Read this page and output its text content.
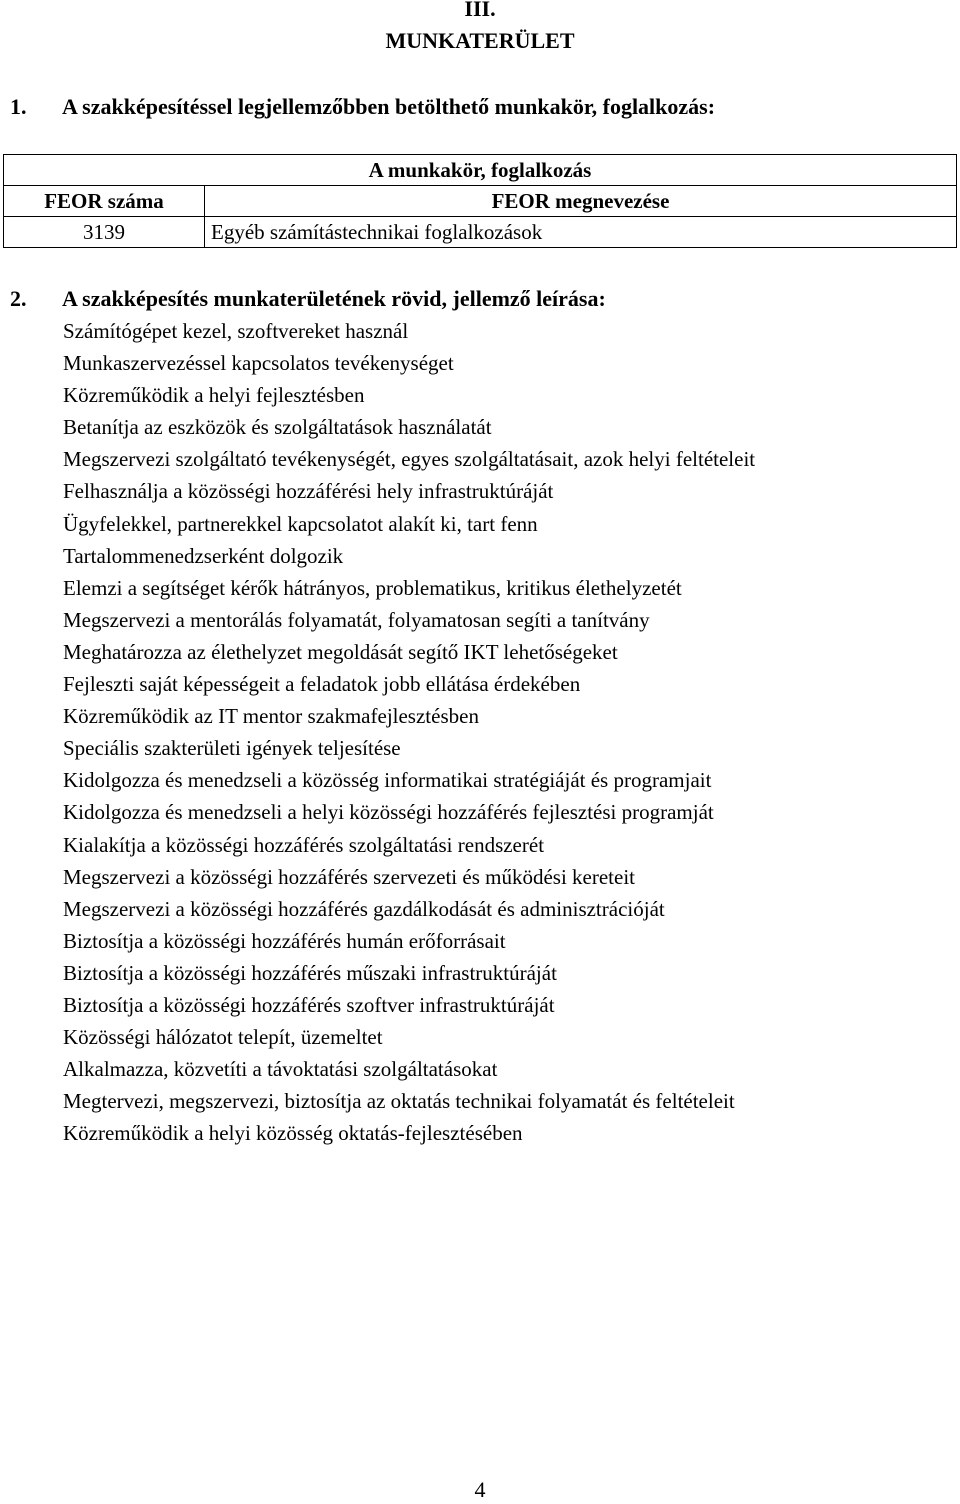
III.
MUNKATERÜLET
1. A szakképesítéssel legjellemzőbben betölthető munkakör, foglalkozás:
A munkakör, foglalkozás	
FEOR száma	FEOR megnevezése
3139	Egyéb számítástechnikai foglalkozások
2. A szakképesítés munkaterületének rövid, jellemző leírása:
Számítógépet kezel, szoftvereket használ
Munkaszervezéssel kapcsolatos tevékenységet
Közreműködik a helyi fejlesztésben
Betanítja az eszközök és szolgáltatások használatát
Megszervezi szolgáltató tevékenységét, egyes szolgáltatásait, azok helyi feltételeit
Felhasználja a közösségi hozzáférési hely infrastruktúráját
Ügyfelekkel, partnerekkel kapcsolatot alakít ki, tart fenn
Tartalommenedzserként dolgozik
Elemzi a segítséget kérők hátrányos, problematikus, kritikus élethelyzetét
Megszervezi a mentorálás folyamatát, folyamatosan segíti a tanítvány
Meghatározza az élethelyzet megoldását segítő IKT lehetőségeket
Fejleszti saját képességeit a feladatok jobb ellátása érdekében
Közreműködik az IT mentor szakmafejlesztésben
Speciális szakterületi igények teljesítése
Kidolgozza és menedzseli a közösség informatikai stratégiáját és programjait
Kidolgozza és menedzseli a helyi közösségi hozzáférés fejlesztési programját
Kialakítja a közösségi hozzáférés szolgáltatási rendszerét
Megszervezi a közösségi hozzáférés szervezeti és működési kereteit
Megszervezi a közösségi hozzáférés gazdálkodását és adminisztrációját
Biztosítja a közösségi hozzáférés humán erőforrásait
Biztosítja a közösségi hozzáférés műszaki infrastruktúráját
Biztosítja a közösségi hozzáférés szoftver infrastruktúráját
Közösségi hálózatot telepít, üzemeltet
Alkalmazza, közvetíti a távoktatási szolgáltatásokat
Megtervezi, megszervezi, biztosítja az oktatás technikai folyamatát és feltételeit
Közreműködik a helyi közösség oktatás-fejlesztésében
4
